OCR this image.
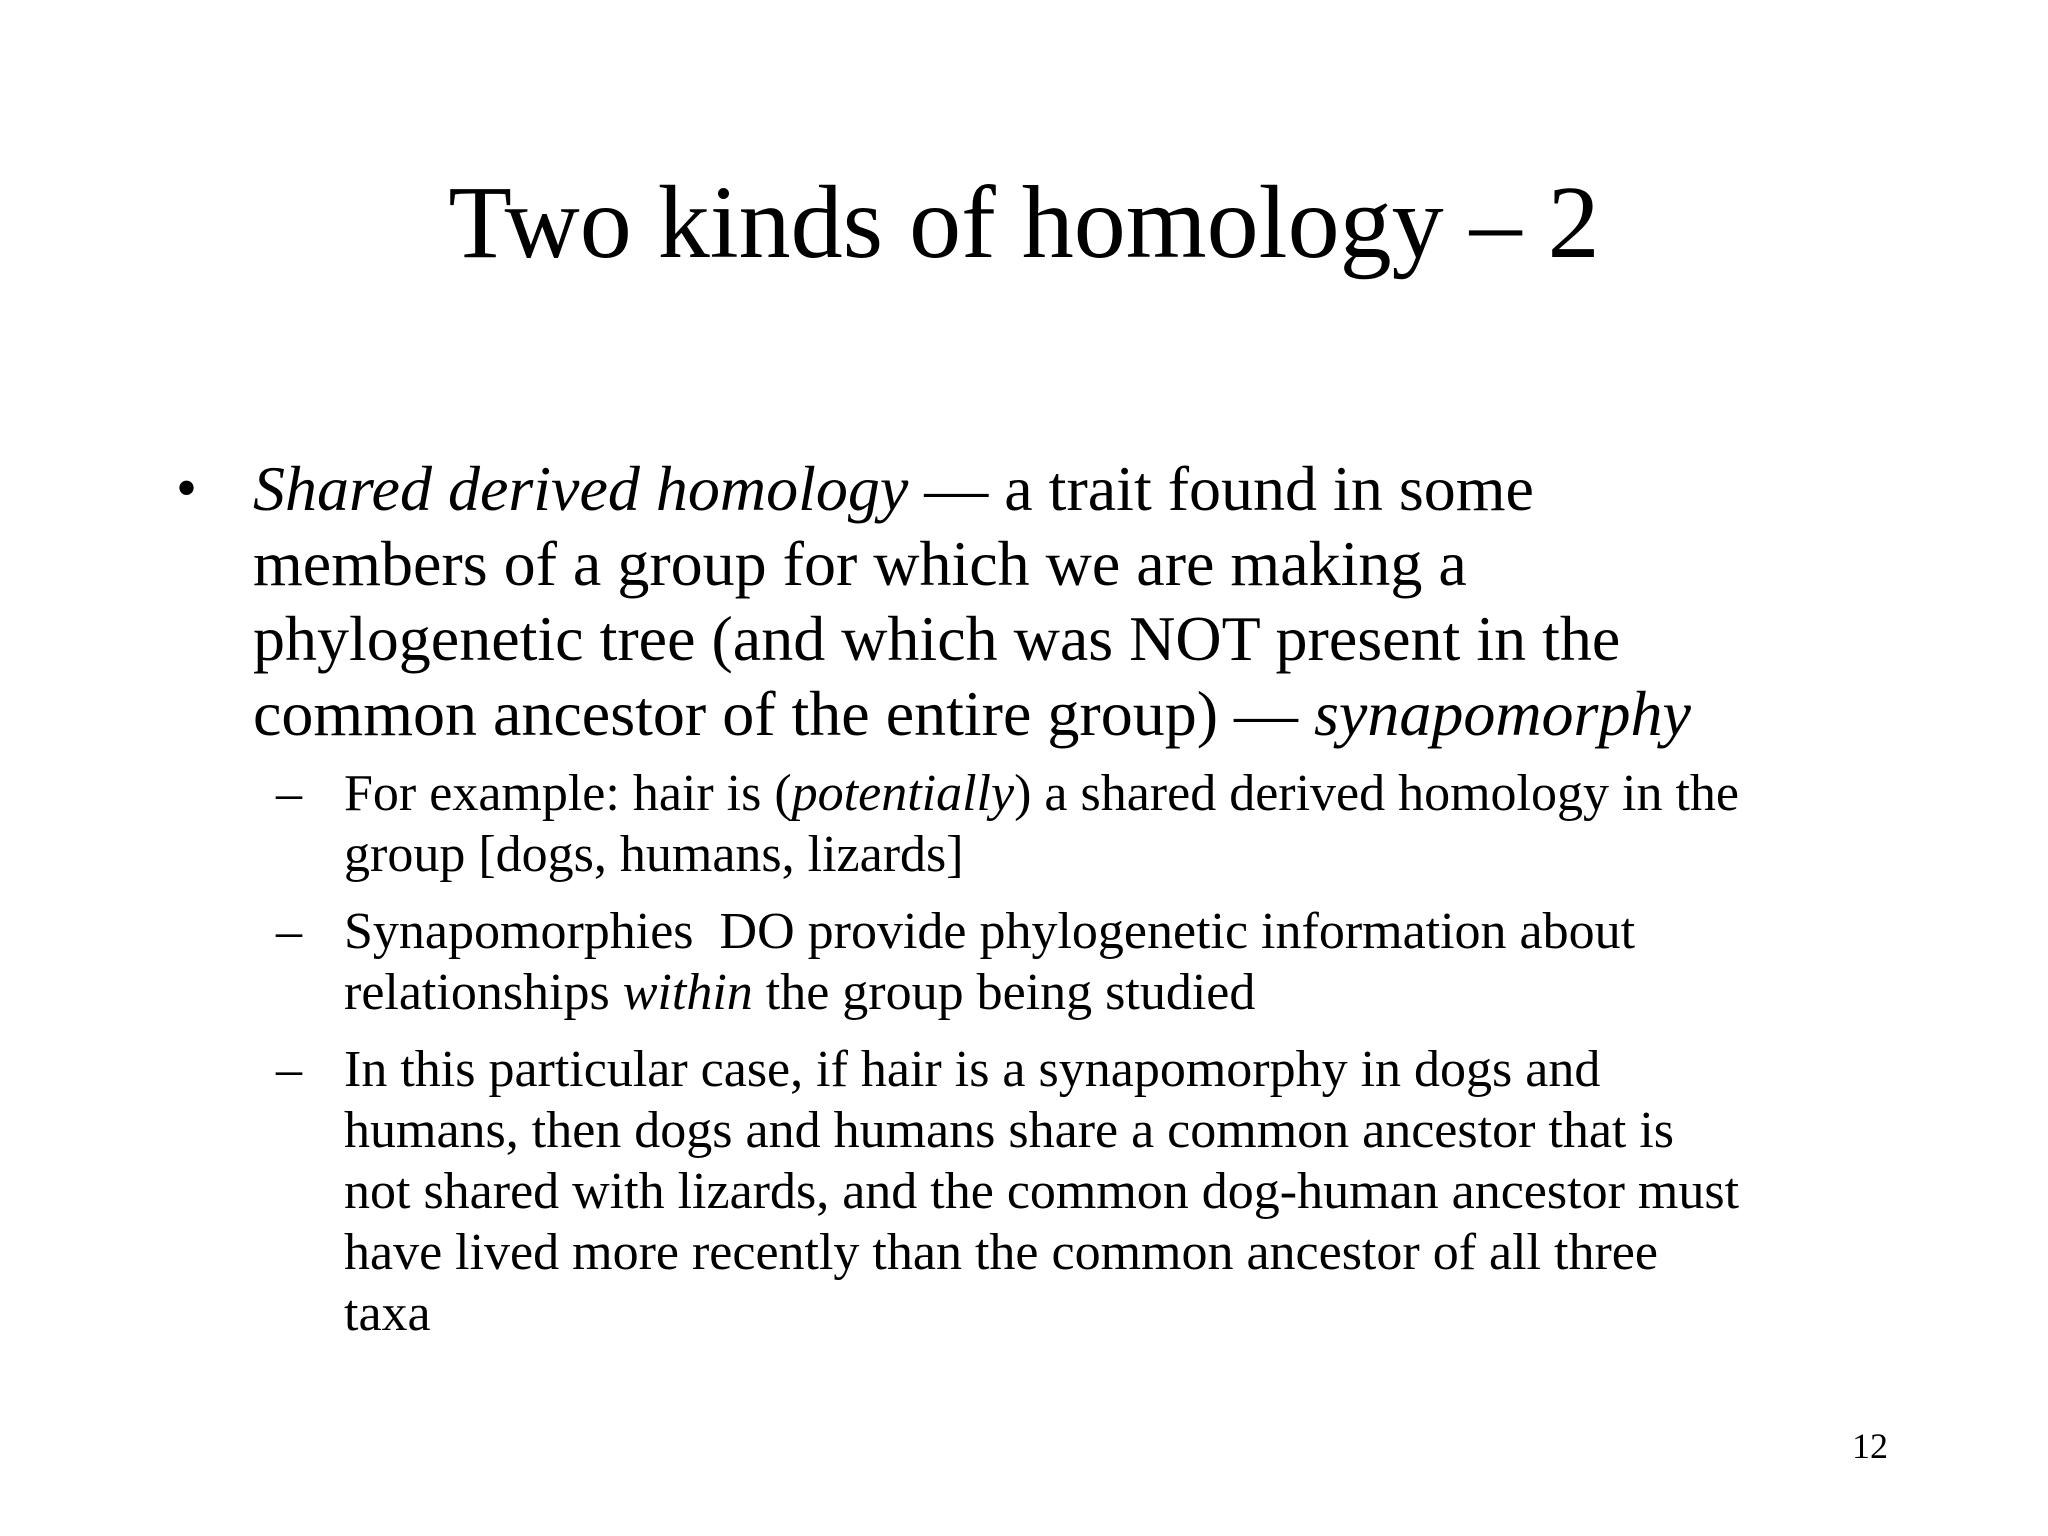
Two kinds of homology – 2
• Shared derived homology — a trait found in some
members of a group for which we are making a
phylogenetic tree (and which was NOT present in the
common ancestor of the entire group) — synapomorphy
– For example: hair is (potentially) a shared derived homology in the
group [dogs, humans, lizards]
– Synapomorphies  DO provide phylogenetic information about
relationships within the group being studied
– In this particular case, if hair is a synapomorphy in dogs and
humans, then dogs and humans share a common ancestor that is
not shared with lizards, and the common dog-human ancestor must
have lived more recently than the common ancestor of all three
taxa
12
